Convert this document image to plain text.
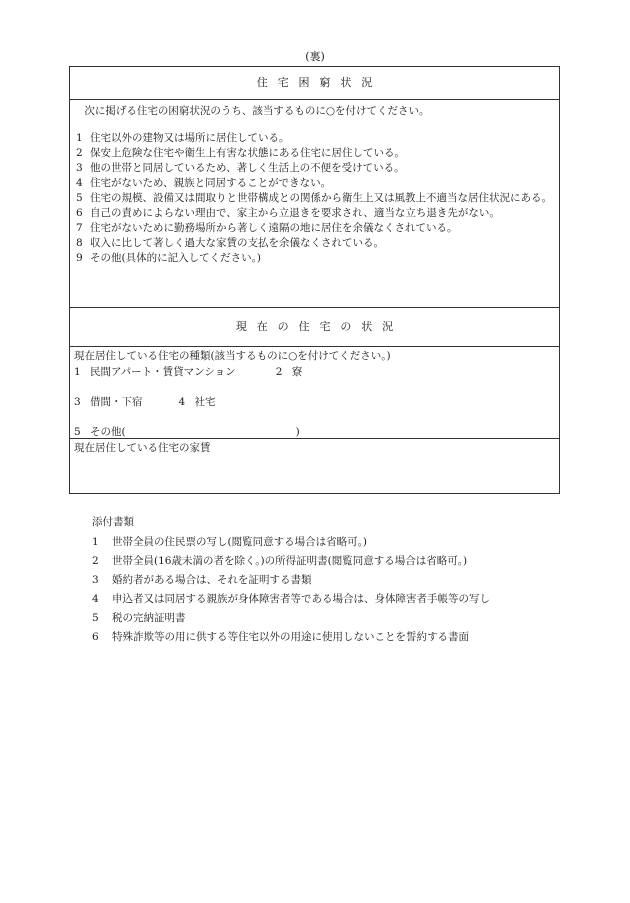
(裏)
住宅困窮状況
次に掲げる住宅の困窮状況のうち、該当するものに○を付けてください。
1 住宅以外の建物又は場所に居住している。
2 保安上危険な住宅や衛生上有害な状態にある住宅に居住している。
3 他の世帯と同居しているため、著しく生活上の不便を受けている。
4 住宅がないため、親族と同居することができない。
5 住宅の規模、設備又は間取りと世帯構成との関係から衛生上又は風教上不適当な居住状況にある。
6 自己の責めによらない理由で、家主から立退きを要求され、適当な立ち退き先がない。
7 住宅がないために勤務場所から著しく遠隔の地に居住を余儀なくされている。
8 収入に比して著しく過大な家賃の支払を余儀なくされている。
9 その他(具体的に記入してください。)
現在の住宅の状況
現在居住している住宅の種類(該当するものに○を付けてください。)
1 民間アパート・賃貸マンション	2 寮
3 借間・下宿	4 社宅
5 その他(	)
現在居住している住宅の家賃
添付書類
1	世帯全員の住民票の写し(閲覧同意する場合は省略可。)
2	世帯全員(16歳未満の者を除く。)の所得証明書(閲覧同意する場合は省略可。)
3	婚約者がある場合は、それを証明する書類
4	申込者又は同居する親族が身体障害者等である場合は、身体障害者手帳等の写し
5	税の完納証明書
6	特殊詐欺等の用に供する等住宅以外の用途に使用しないことを誓約する書面
